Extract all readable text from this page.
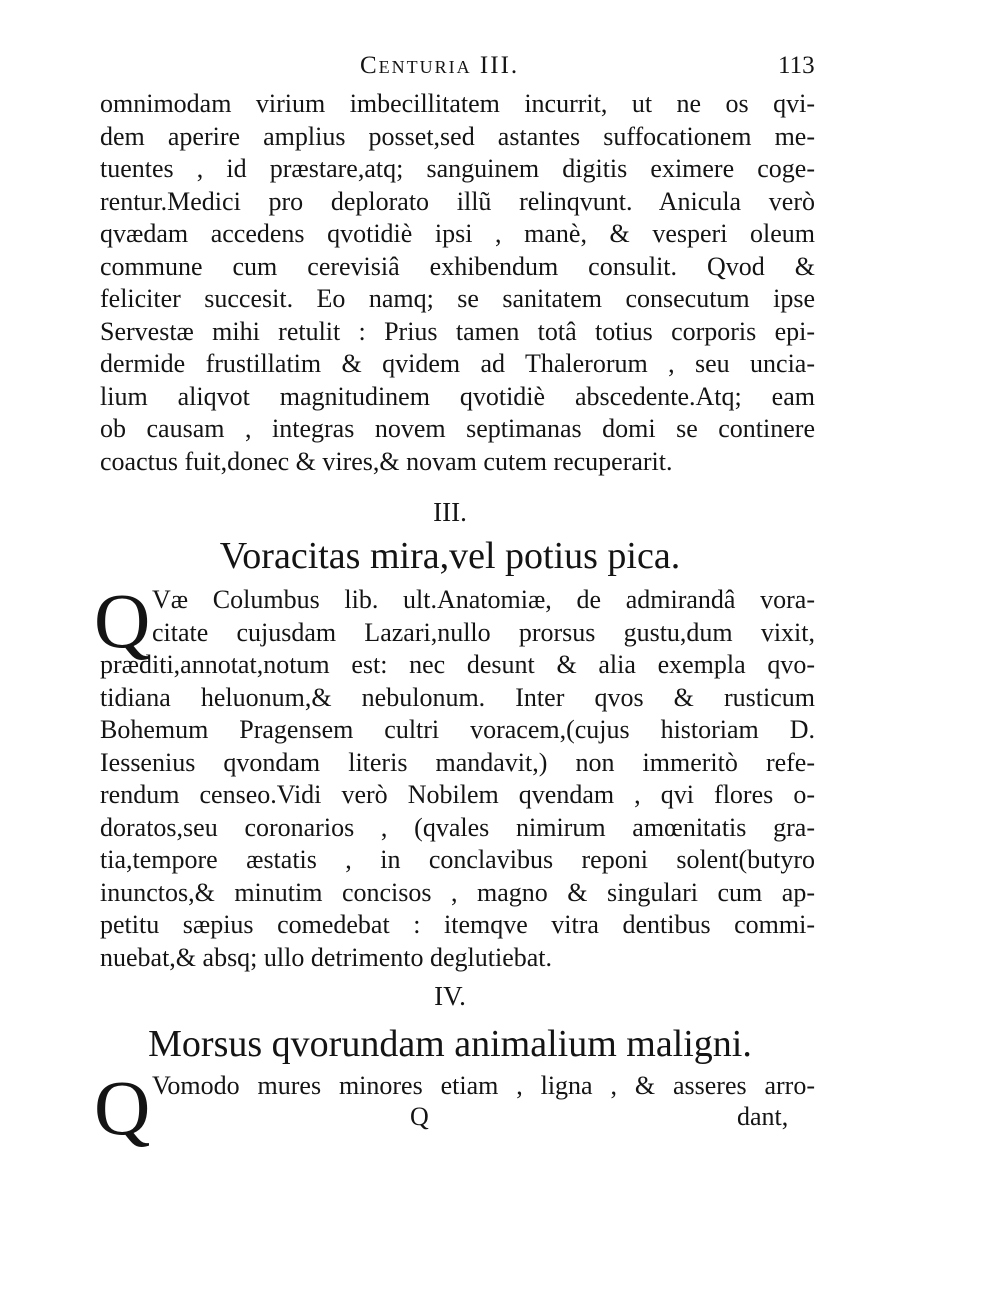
Centuria III.	113
omnimodam virium imbecillitatem incurrit, ut ne os qvi-
dem aperire amplius posset,sed astantes suffocationem me-
tuentes , id præstare,atq; sanguinem digitis eximere coge-
rentur.Medici pro deplorato illũ relinqvunt. Anicula verò
qvædam accedens qvotidiè ipsi , manè, & vesperi oleum
commune cum cerevisiâ exhibendum consulit. Qvod &
feliciter succesit. Eo namq; se sanitatem consecutum ipse
Servestæ mihi retulit : Prius tamen totâ totius corporis epi-
dermide frustillatim & qvidem ad Thalerorum , seu uncia-
lium aliqvot magnitudinem qvotidiè abscedente.Atq; eam
ob causam , integras novem septimanas domi se continere
coactus fuit,donec & vires,& novam cutem recuperarit.
III.
Voracitas mira,vel potius pica.
Q Væ Columbus lib. ult.Anatomiæ, de admirandâ vora-
citate cujusdam Lazari,nullo prorsus gustu,dum vixit,
præditi,annotat,notum est: nec desunt & alia exempla qvo-
tidiana heluonum,& nebulonum. Inter qvos & rusticum
Bohemum Pragensem cultri voracem,(cujus historiam D.
Iessenius qvondam literis mandavit,) non immeritò refe-
rendum censeo.Vidi verò Nobilem qvendam , qvi flores o-
doratos,seu coronarios , (qvales nimirum amœnitatis gra-
tia,tempore æstatis , in conclavibus reponi solent(butyro
inunctos,& minutim concisos , magno & singulari cum ap-
petitu sæpius comedebat : itemqve vitra dentibus commi-
nuebat,& absq; ullo detrimento deglutiebat.
IV.
Morsus qvorundam animalium maligni.
Q Vomodo mures minores etiam , ligna , & asseres arro-
Q	dant,
